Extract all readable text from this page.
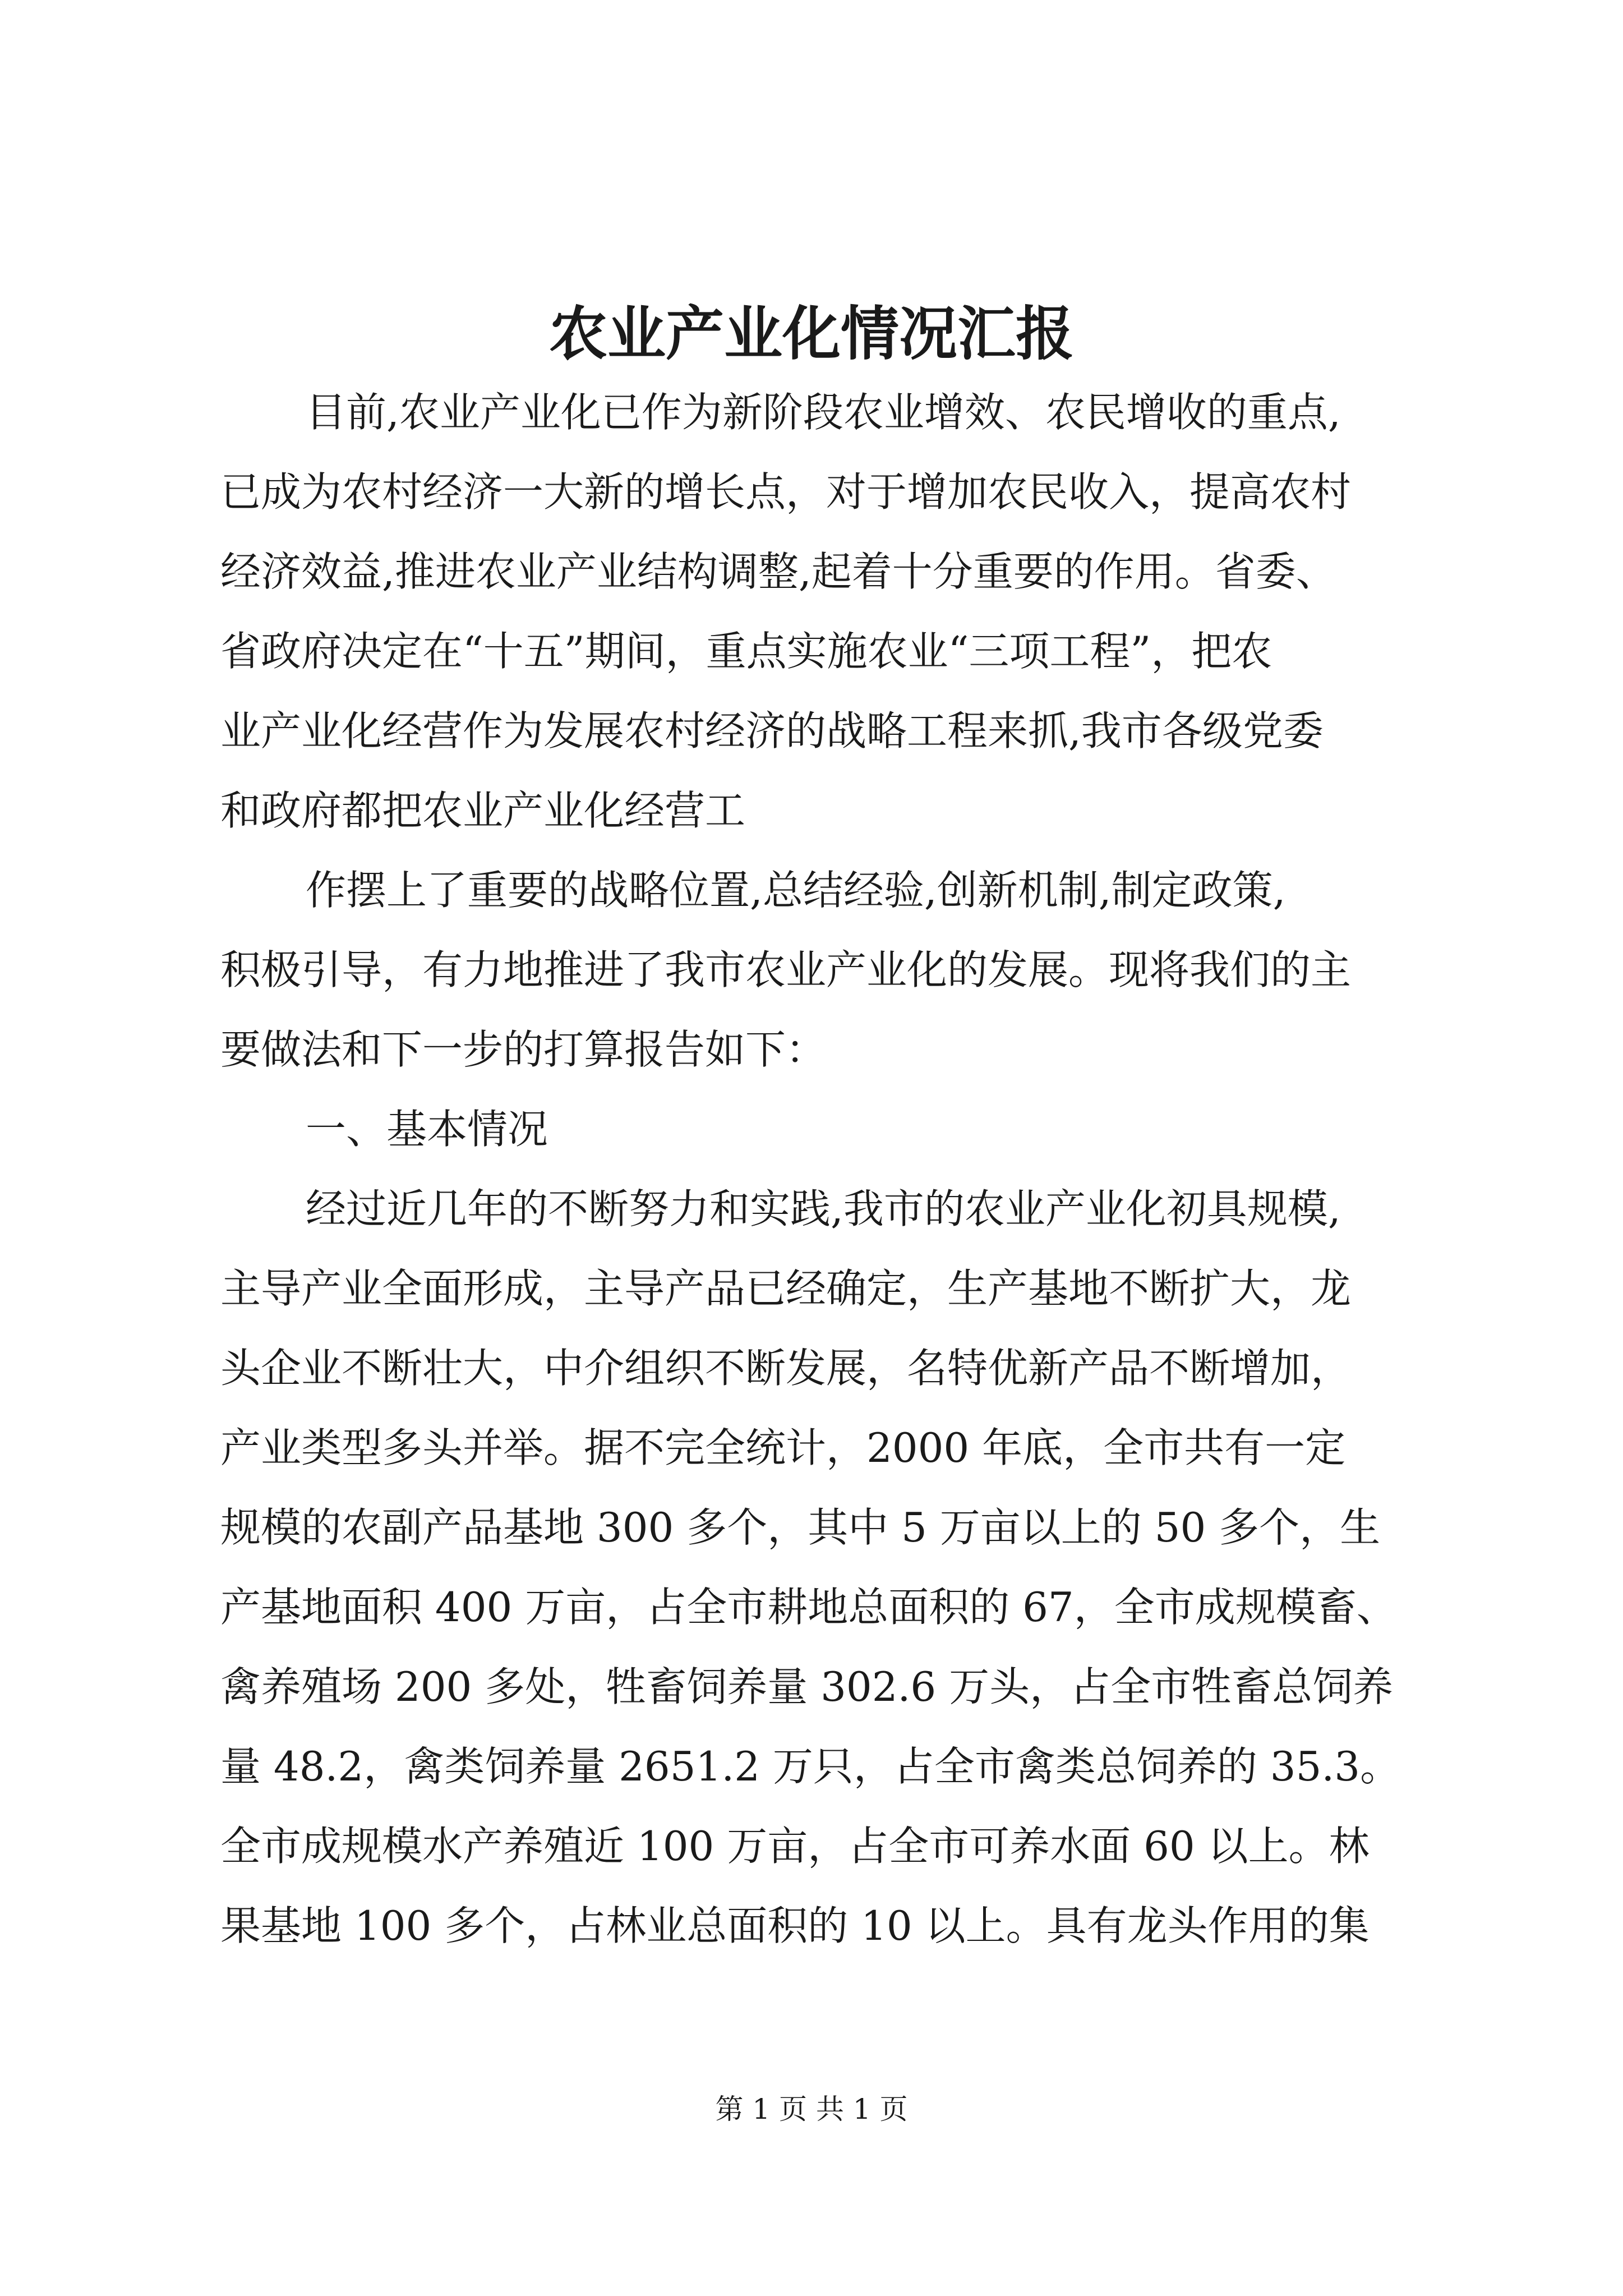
农业产业化情况汇报

目前,农业产业化已作为新阶段农业增效、农民增收的重点,

已成为农村经济一大新的增长点，对于增加农民收入，提高农村

经济效益,推进农业产业结构调整,起着十分重要的作用。省委、

省政府决定在“十五”期间，重点实施农业“三项工程”，把农

业产业化经营作为发展农村经济的战略工程来抓,我市各级党委

和政府都把农业产业化经营工

作摆上了重要的战略位置,总结经验,创新机制,制定政策,

积极引导，有力地推进了我市农业产业化的发展。现将我们的主

要做法和下一步的打算报告如下：

一、基本情况

经过近几年的不断努力和实践,我市的农业产业化初具规模,

主导产业全面形成，主导产品已经确定，生产基地不断扩大，龙

头企业不断壮大，中介组织不断发展，名特优新产品不断增加，

产业类型多头并举。据不完全统计，2000 年底，全市共有一定

规模的农副产品基地 300 多个，其中 5 万亩以上的 50 多个，生

产基地面积 400 万亩，占全市耕地总面积的 67，全市成规模畜、

禽养殖场 200 多处，牲畜饲养量 302.6 万头，占全市牲畜总饲养

量 48.2，禽类饲养量 2651.2 万只，占全市禽类总饲养的 35.3。

全市成规模水产养殖近 100 万亩，占全市可养水面 60 以上。林

果基地 100 多个，占林业总面积的 10 以上。具有龙头作用的集

第 1 页 共 1 页
